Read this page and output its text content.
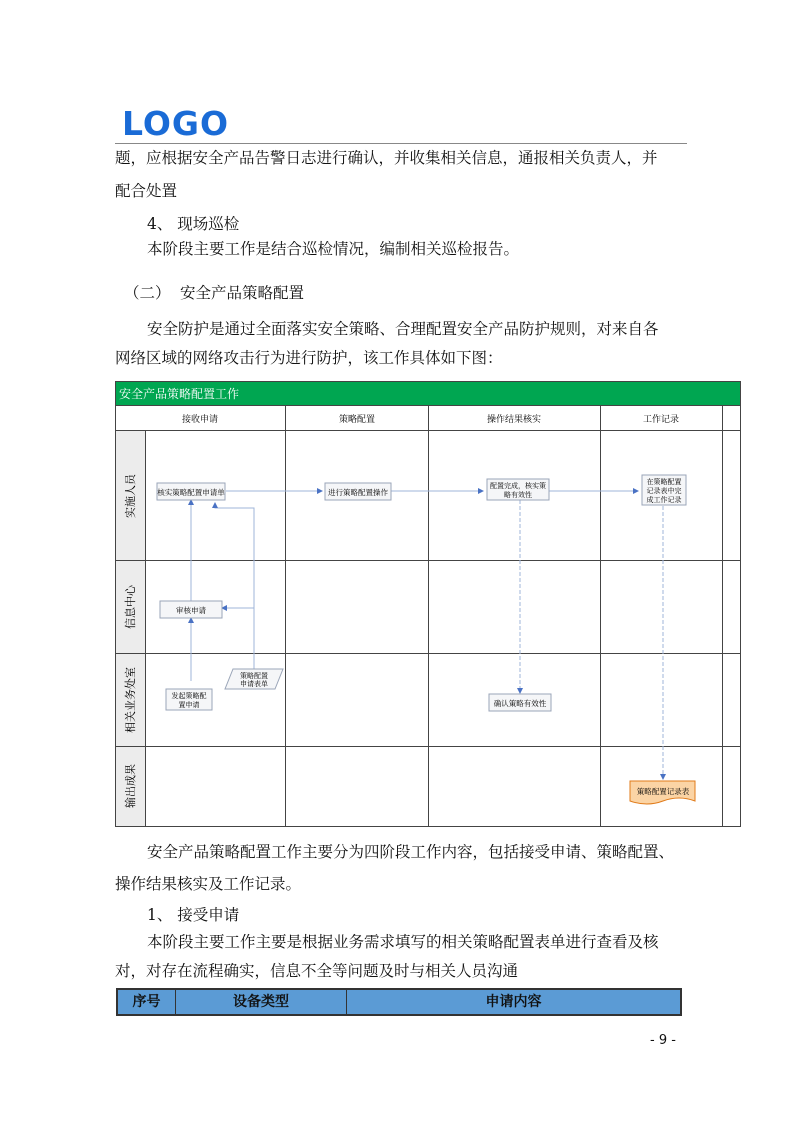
LOGO
题，应根据安全产品告警日志进行确认，并收集相关信息，通报相关负责人，并
配合处置
4、 现场巡检
本阶段主要工作是结合巡检情况，编制相关巡检报告。
（二） 安全产品策略配置
安全防护是通过全面落实安全策略、合理配置安全产品防护规则，对来自各
网络区域的网络攻击行为进行防护，该工作具体如下图：
安全产品策略配置工作
接收申请	策略配置	操作结果核实	工作记录
实施人员
信息中心
相关业务处室
输出成果
核实策略配置申请单	进行策略配置操作
配置完成，核实策
略有效性
在策略配置
记录表中完
成工作记录
审核申请
发起策略配
置申请
策略配置
申请表单
确认策略有效性
策略配置记录表
安全产品策略配置工作主要分为四阶段工作内容，包括接受申请、策略配置、
操作结果核实及工作记录。
1、 接受申请
本阶段主要工作主要是根据业务需求填写的相关策略配置表单进行查看及核
对，对存在流程确实，信息不全等问题及时与相关人员沟通
序号	设备类型	申请内容
- 9 -
